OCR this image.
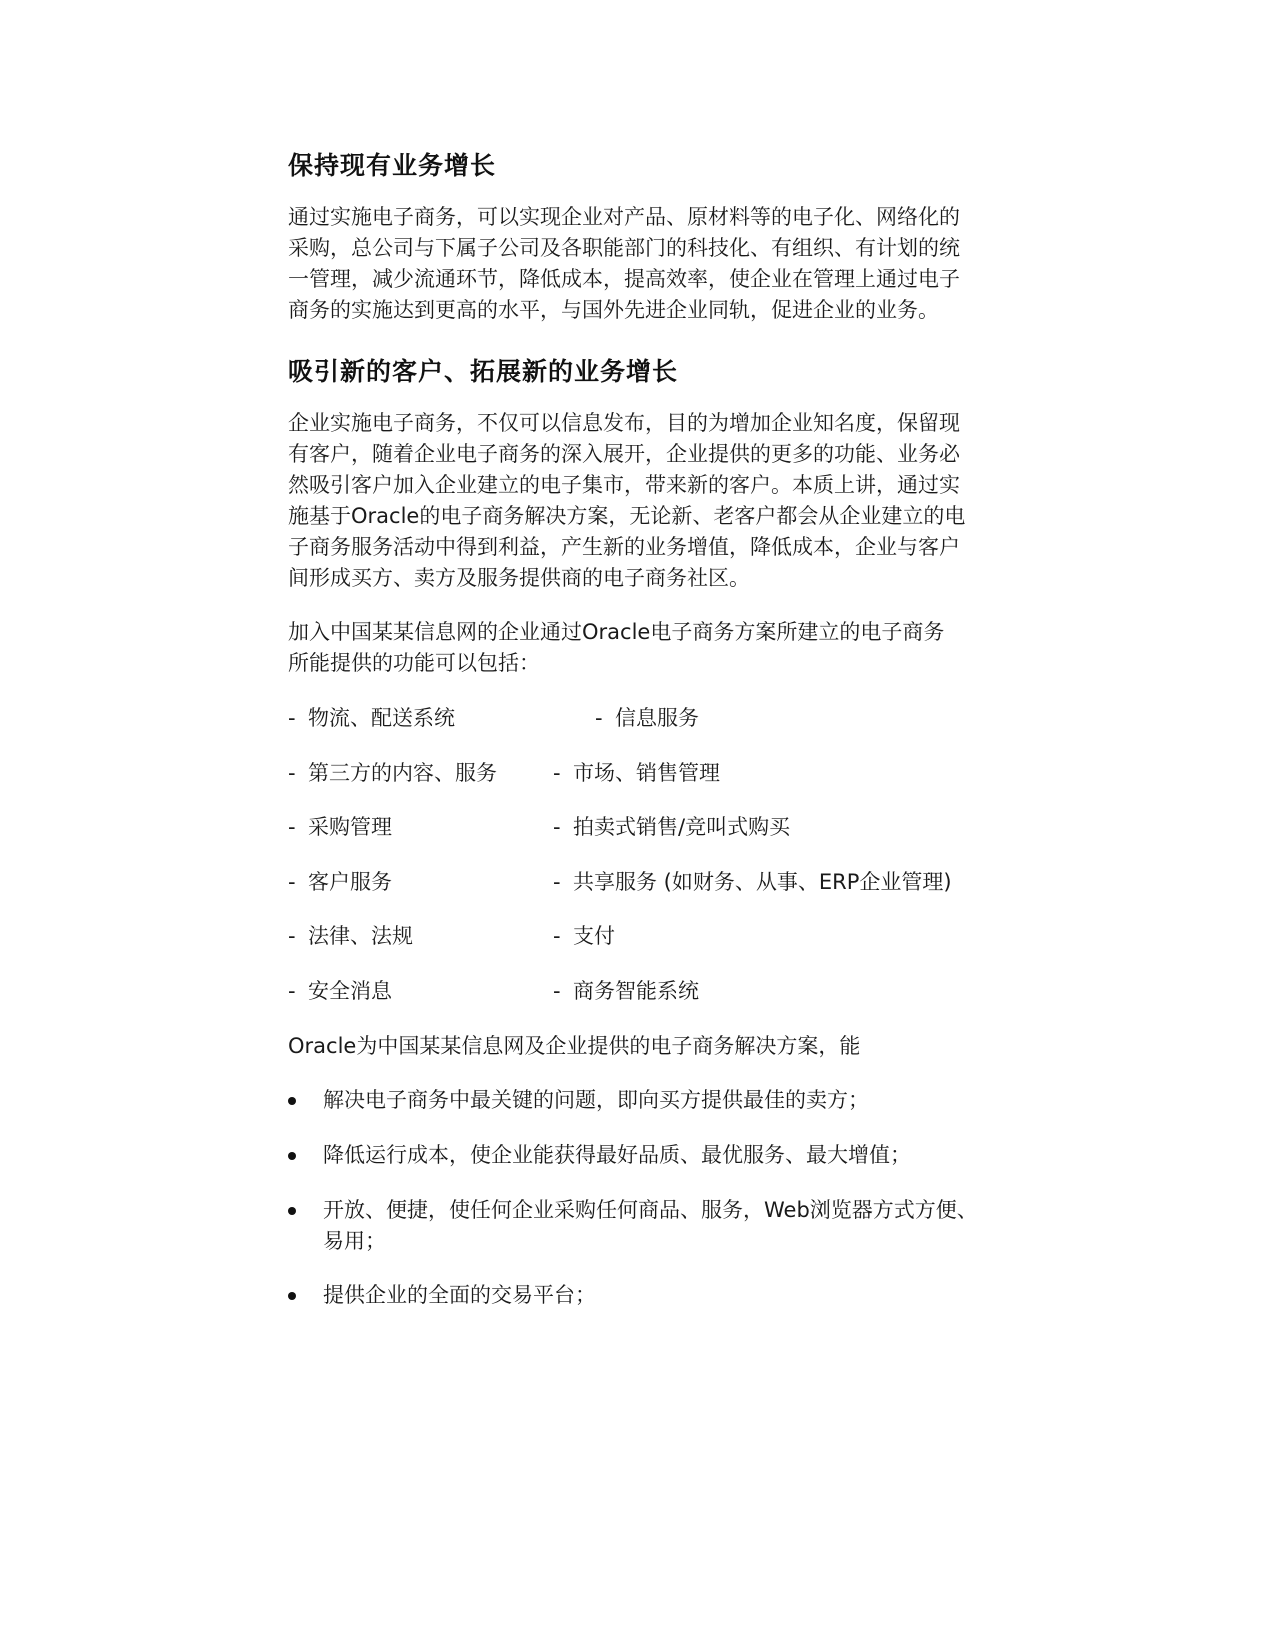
保持现有业务增长
通过实施电子商务，可以实现企业对产品、原材料等的电子化、网络化的
采购，总公司与下属子公司及各职能部门的科技化、有组织、有计划的统
一管理，减少流通环节，降低成本，提高效率，使企业在管理上通过电子
商务的实施达到更高的水平，与国外先进企业同轨，促进企业的业务。
吸引新的客户、拓展新的业务增长
企业实施电子商务，不仅可以信息发布，目的为增加企业知名度，保留现
有客户，随着企业电子商务的深入展开，企业提供的更多的功能、业务必
然吸引客户加入企业建立的电子集市，带来新的客户。本质上讲，通过实
施基于Oracle的电子商务解决方案，无论新、老客户都会从企业建立的电
子商务服务活动中得到利益，产生新的业务增值，降低成本，企业与客户
间形成买方、卖方及服务提供商的电子商务社区。
加入中国某某信息网的企业通过Oracle电子商务方案所建立的电子商务
所能提供的功能可以包括：
- 物流、配送系统	- 信息服务
- 第三方的内容、服务	- 市场、销售管理
- 采购管理	- 拍卖式销售/竞叫式购买
- 客户服务	- 共享服务 (如财务、从事、ERP企业管理)
- 法律、法规	- 支付
- 安全消息	- 商务智能系统
Oracle为中国某某信息网及企业提供的电子商务解决方案，能
解决电子商务中最关键的问题，即向买方提供最佳的卖方；
降低运行成本，使企业能获得最好品质、最优服务、最大增值；
开放、便捷，使任何企业采购任何商品、服务，Web浏览器方式方便、
易用；
提供企业的全面的交易平台；
